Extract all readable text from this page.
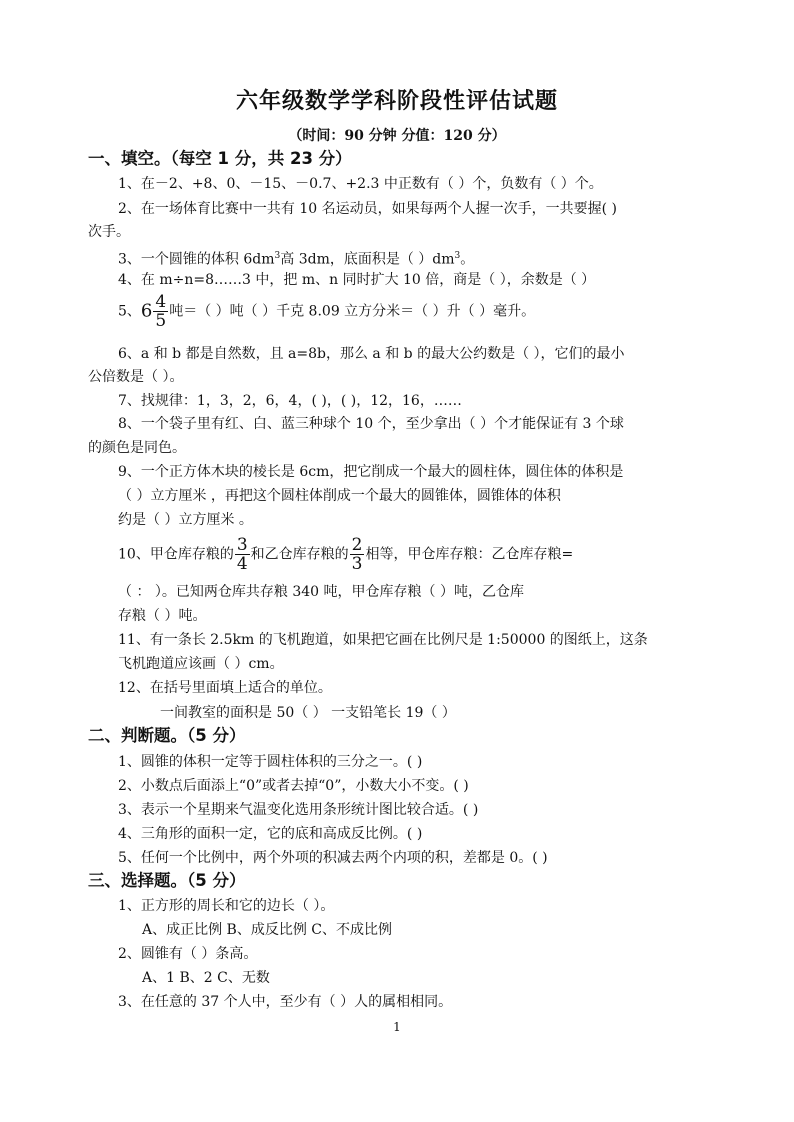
六年级数学学科阶段性评估试题
（时间：90 分钟 分值：120 分）
一、填空。（每空 1 分，共 23 分）
1、在－2、+8、0、－15、－0.7、+2.3 中正数有（ ）个，负数有（ ）个。
2、在一场体育比赛中一共有 10 名运动员，如果每两个人握一次手，一共要握( )
次手。
3、一个圆锥的体积 $6dm^3$高 3dm，底面积是（ ）$dm^3$。
4、在 m÷n=8……3 中，把 m、n 同时扩大 10 倍，商是（ ），余数是（ ）
5、$6 \frac{4}{5}$ 吨＝（ ）吨（ ）千克 8.09 立方分米＝（ ）升（ ）毫升。
6、a 和 b 都是自然数，且 a=8b，那么 a 和 b 的最大公约数是（ ），它们的最小
公倍数是（ ）。
7、找规律：1，3，2，6，4，( )，( )，12，16，……
8、一个袋子里有红、白、蓝三种球个 10 个，至少拿出（ ）个才能保证有 3 个球
的颜色是同色。
9、一个正方体木块的棱长是 6cm，把它削成一个最大的圆柱体，圆住体的体积是
（ ）立方厘米 ，再把这个圆柱体削成一个最大的圆锥体，圆锥体的体积
约是（ ）立方厘米 。
10、甲仓库存粮的 $\frac{3}{4}$ 和乙仓库存粮的 $\frac{2}{3}$ 相等，甲仓库存粮：乙仓库存粮=
（ ： ）。已知两仓库共存粮 340 吨，甲仓库存粮（ ）吨，乙仓库
存粮（ ）吨。
11、有一条长 2.5km 的飞机跑道，如果把它画在比例尺是 1:50000 的图纸上，这条
飞机跑道应该画（ ）cm。
12、在括号里面填上适合的单位。
一间教室的面积是 50（ ） 一支铅笔长 19（ ）
二、判断题。（5 分）
1、圆锥的体积一定等于圆柱体积的三分之一。( )
2、小数点后面添上“0”或者去掉“0”，小数大小不变。( )
3、表示一个星期来气温变化选用条形统计图比较合适。( )
4、三角形的面积一定，它的底和高成反比例。( )
5、任何一个比例中，两个外项的积减去两个内项的积，差都是 0。( )
三、选择题。（5 分）
1、正方形的周长和它的边长（ ）。
A、成正比例 B、成反比例 C、不成比例
2、圆锥有（ ）条高。
A、1 B、2 C、无数
3、在任意的 37 个人中，至少有（ ）人的属相相同。
1
